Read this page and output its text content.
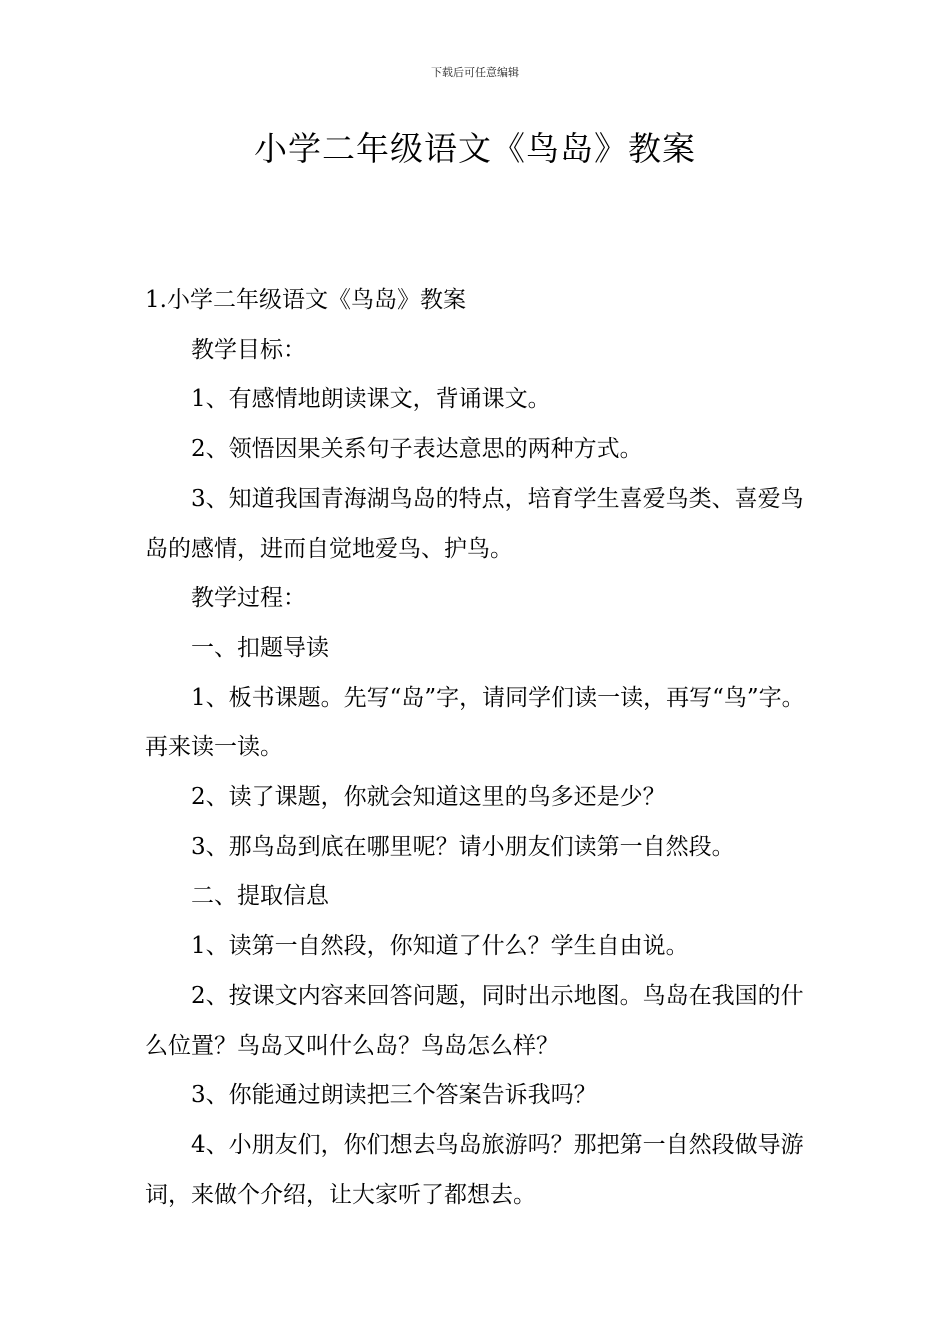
下载后可任意编辑
小学二年级语文《鸟岛》教案

1.小学二年级语文《鸟岛》教案

教学目标：

1、有感情地朗读课文，背诵课文。

2、领悟因果关系句子表达意思的两种方式。

3、知道我国青海湖鸟岛的特点，培育学生喜爱鸟类、喜爱鸟岛的感情，进而自觉地爱鸟、护鸟。

教学过程：

一、扣题导读

1、板书课题。先写“岛”字，请同学们读一读，再写“鸟”字。再来读一读。

2、读了课题，你就会知道这里的鸟多还是少？

3、那鸟岛到底在哪里呢？请小朋友们读第一自然段。

二、提取信息

1、读第一自然段，你知道了什么？学生自由说。

2、按课文内容来回答问题，同时出示地图。鸟岛在我国的什么位置？鸟岛又叫什么岛？鸟岛怎么样？

3、你能通过朗读把三个答案告诉我吗？

4、小朋友们，你们想去鸟岛旅游吗？那把第一自然段做导游词，来做个介绍，让大家听了都想去。
